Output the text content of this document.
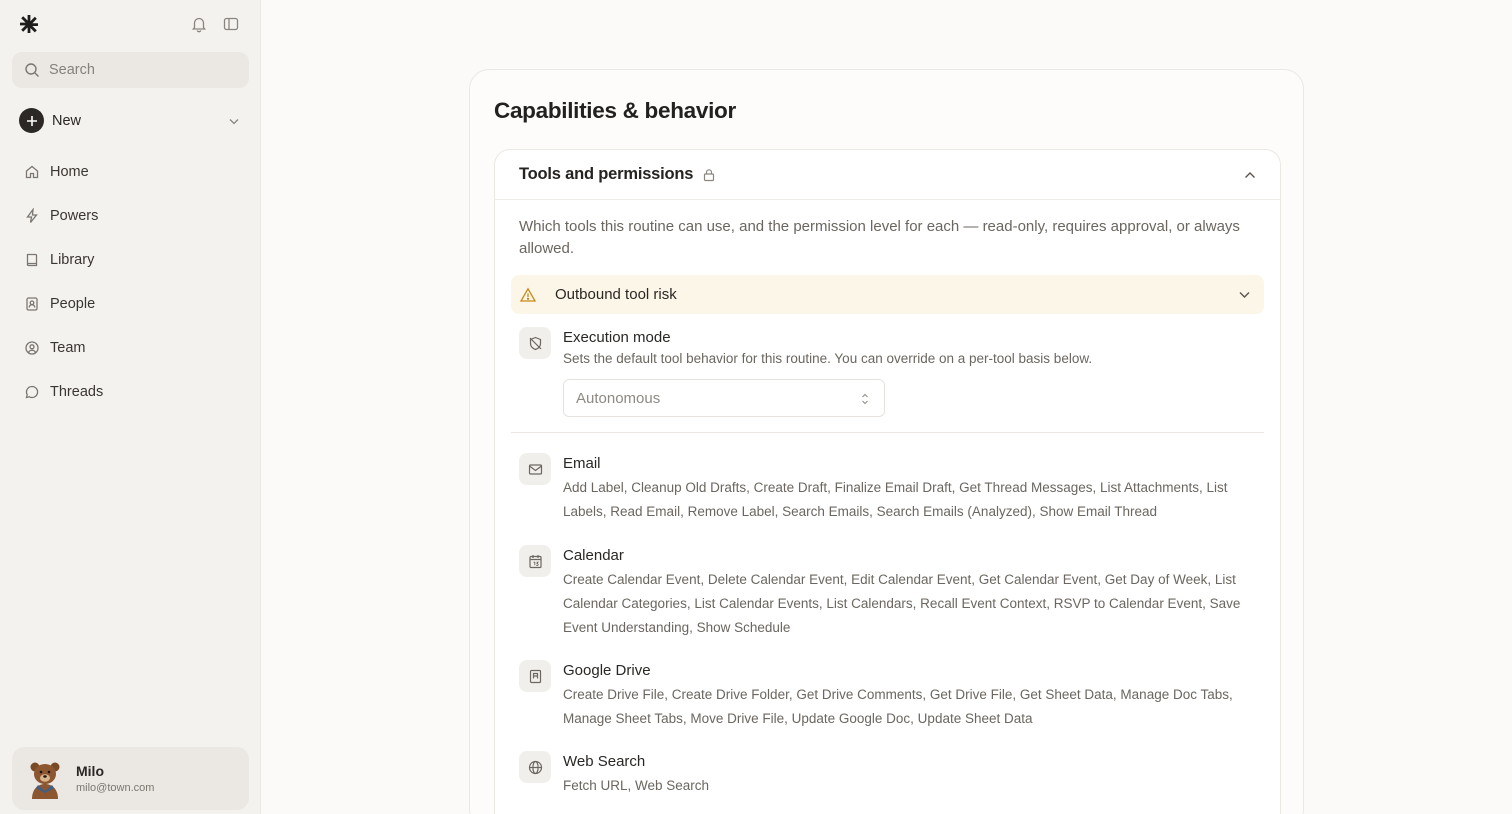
Search
New
Home
Powers
Library
People
Team
Threads
Milo
milo@town.com
Capabilities & behavior
Tools and permissions

Which tools this routine can use, and the permission level for each — read-only, requires approval, or always allowed.

Outbound tool risk
Execution mode
Sets the default tool behavior for this routine. You can override on a per-tool basis below.
Autonomous
Email
Add Label, Cleanup Old Drafts, Create Draft, Finalize Email Draft, Get Thread Messages, List Attachments, List Labels, Read Email, Remove Label, Search Emails, Search Emails (Analyzed), Show Email Thread
Calendar
Create Calendar Event, Delete Calendar Event, Edit Calendar Event, Get Calendar Event, Get Day of Week, List Calendar Categories, List Calendar Events, List Calendars, Recall Event Context, RSVP to Calendar Event, Save Event Understanding, Show Schedule
Google Drive
Create Drive File, Create Drive Folder, Get Drive Comments, Get Drive File, Get Sheet Data, Manage Doc Tabs, Manage Sheet Tabs, Move Drive File, Update Google Doc, Update Sheet Data
Web Search
Fetch URL, Web Search
